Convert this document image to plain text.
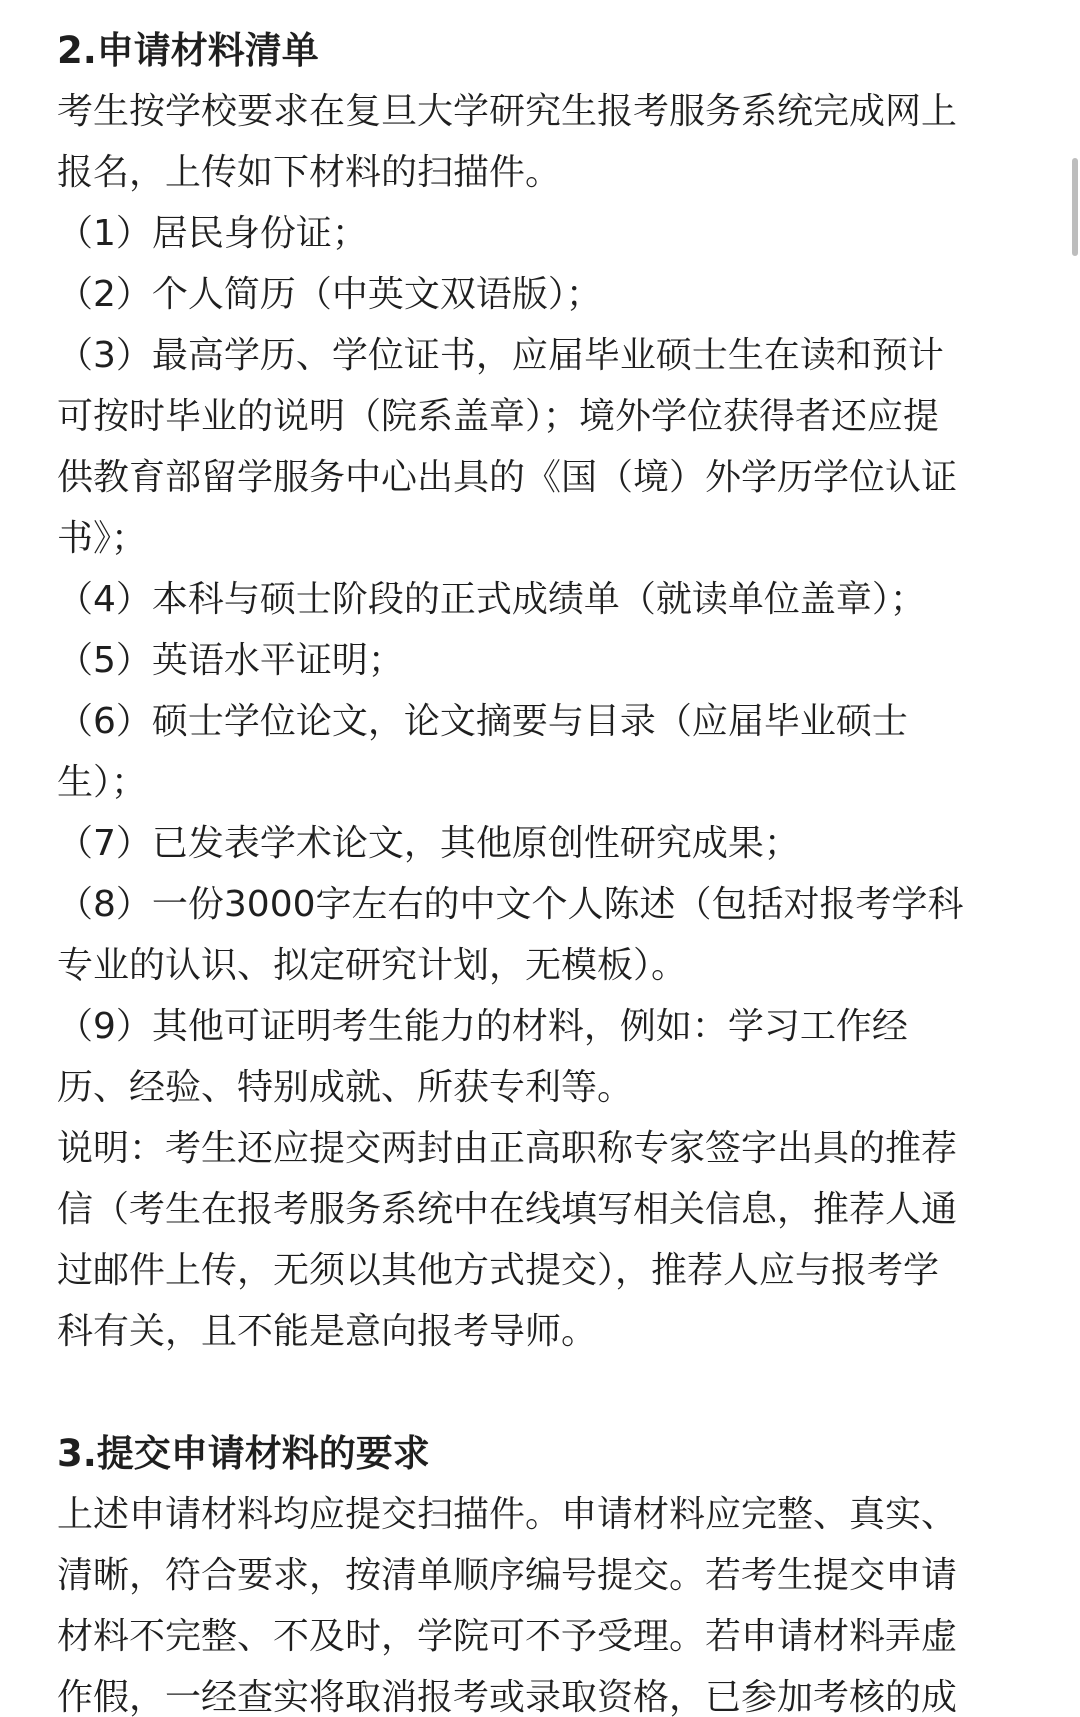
2.申请材料清单
考生按学校要求在复旦大学研究生报考服务系统完成网上
报名，上传如下材料的扫描件。
（1）居民身份证；
（2）个人简历（中英文双语版）；
（3）最高学历、学位证书，应届毕业硕士生在读和预计
可按时毕业的说明（院系盖章）；境外学位获得者还应提
供教育部留学服务中心出具的《国（境）外学历学位认证
书》；
（4）本科与硕士阶段的正式成绩单（就读单位盖章）；
（5）英语水平证明；
（6）硕士学位论文，论文摘要与目录（应届毕业硕士
生）；
（7）已发表学术论文，其他原创性研究成果；
（8）一份3000字左右的中文个人陈述（包括对报考学科
专业的认识、拟定研究计划，无模板）。
（9）其他可证明考生能力的材料，例如：学习工作经
历、经验、特别成就、所获专利等。
说明：考生还应提交两封由正高职称专家签字出具的推荐
信（考生在报考服务系统中在线填写相关信息，推荐人通
过邮件上传，无须以其他方式提交），推荐人应与报考学
科有关，且不能是意向报考导师。
3.提交申请材料的要求
上述申请材料均应提交扫描件。申请材料应完整、真实、
清晰，符合要求，按清单顺序编号提交。若考生提交申请
材料不完整、不及时，学院可不予受理。若申请材料弄虚
作假，一经查实将取消报考或录取资格，已参加考核的成
